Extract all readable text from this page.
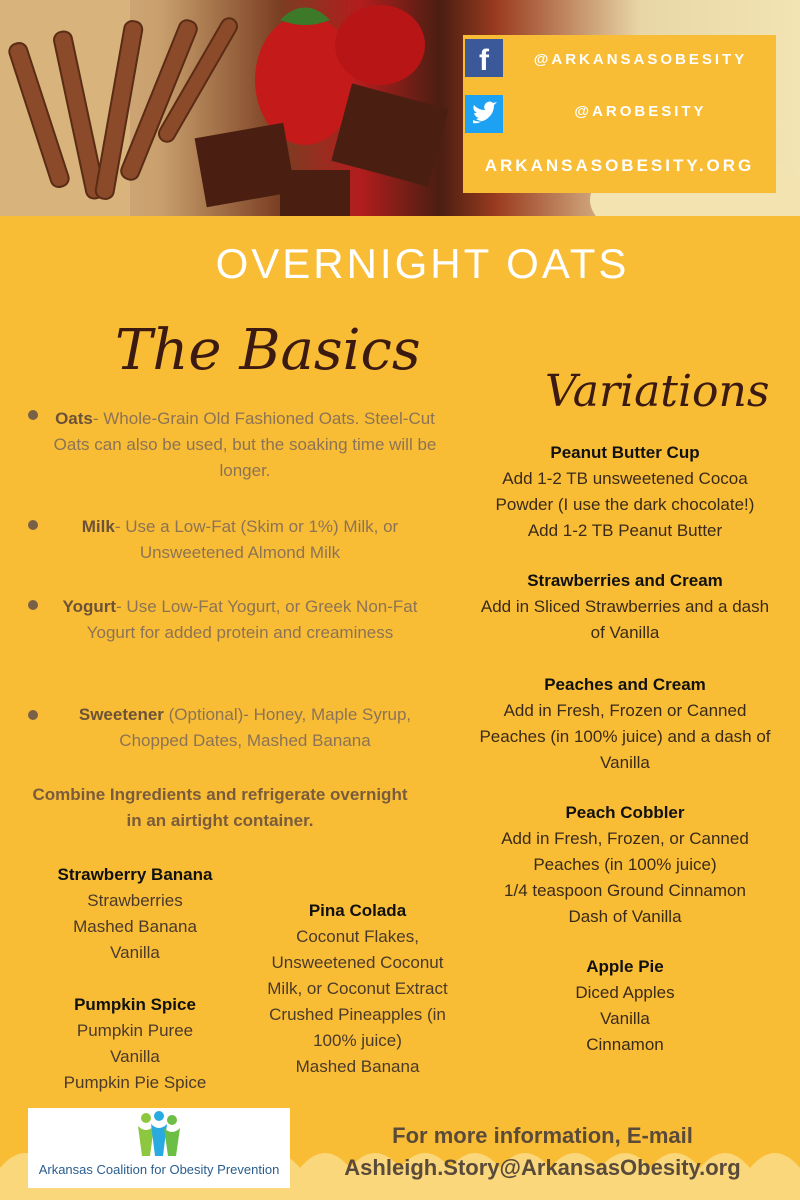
f	@ARKANSASOBESITY
@AROBESITY
ARKANSASOBESITY.ORG
OVERNIGHT OATS
The Basics
Variations
Oats- Whole-Grain Old Fashioned Oats. Steel-Cut Oats can also be used, but the soaking time will be longer.
Milk- Use a Low-Fat (Skim or 1%) Milk, or Unsweetened Almond Milk
Yogurt- Use Low-Fat Yogurt, or Greek Non-Fat Yogurt for added protein and creaminess
Sweetener (Optional)- Honey, Maple Syrup, Chopped Dates, Mashed Banana
Combine Ingredients and refrigerate overnight in an airtight container.
Strawberry Banana
Strawberries
Mashed Banana
Vanilla
Pumpkin Spice
Pumpkin Puree
Vanilla
Pumpkin Pie Spice
Pina Colada
Coconut Flakes,
Unsweetened Coconut
Milk, or Coconut Extract
Crushed Pineapples (in
100% juice)
Mashed Banana
Peanut Butter Cup
Add 1-2 TB unsweetened Cocoa
Powder (I use the dark chocolate!)
Add 1-2 TB Peanut Butter
Strawberries and Cream
Add in Sliced Strawberries and a dash
of Vanilla
Peaches and Cream
Add in Fresh, Frozen or Canned
Peaches (in 100% juice) and a dash of
Vanilla
Peach Cobbler
Add in Fresh, Frozen, or Canned
Peaches (in 100% juice)
1/4 teaspoon Ground Cinnamon
Dash of Vanilla
Apple Pie
Diced Apples
Vanilla
Cinnamon
Arkansas Coalition for Obesity Prevention
For more information, E-mail
Ashleigh.Story@ArkansasObesity.org
